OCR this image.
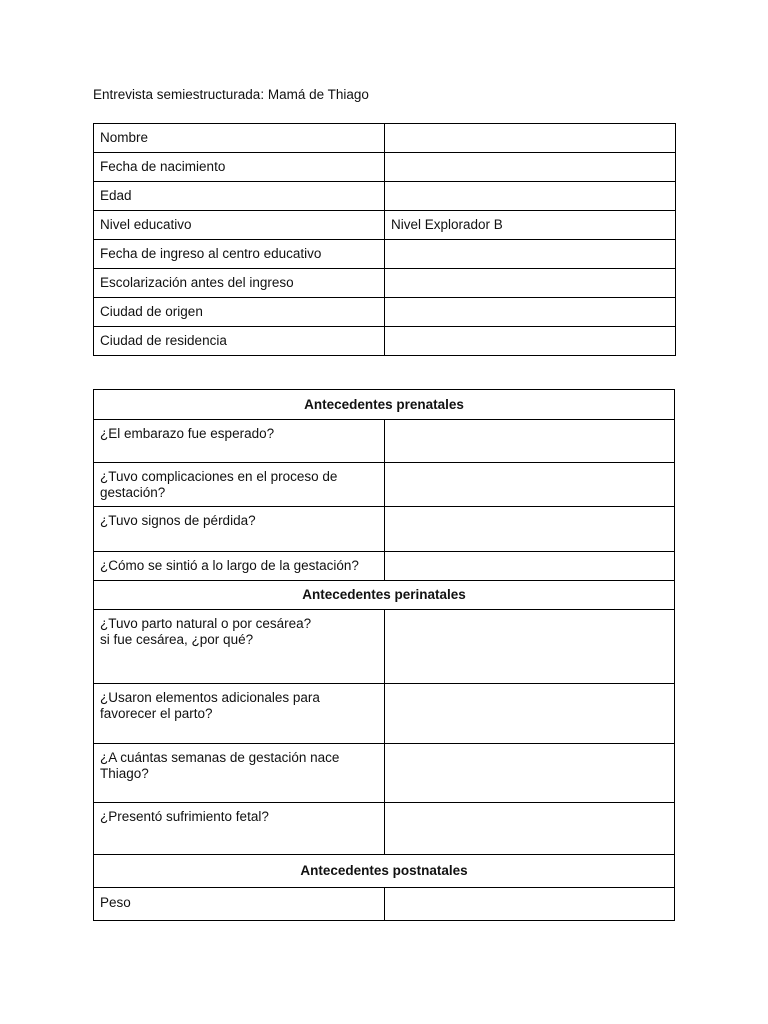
Entrevista semiestructurada: Mamá de Thiago
Nombre	
Fecha de nacimiento	
Edad	
Nivel educativo	Nivel Explorador B
Fecha de ingreso al centro educativo	
Escolarización antes del ingreso	
Ciudad de origen	
Ciudad de residencia	
Antecedentes prenatales	
¿El embarazo fue esperado?	
¿Tuvo complicaciones en el proceso de gestación?	
¿Tuvo signos de pérdida?	
¿Cómo se sintió a lo largo de la gestación?	
Antecedentes perinatales	

¿Tuvo parto natural o por cesárea?
si fue cesárea, ¿por qué?	

¿Usaron elementos adicionales para favorecer el parto?	
¿A cuántas semanas de gestación nace Thiago?	
¿Presentó sufrimiento fetal?	
Antecedentes postnatales	
Peso	
